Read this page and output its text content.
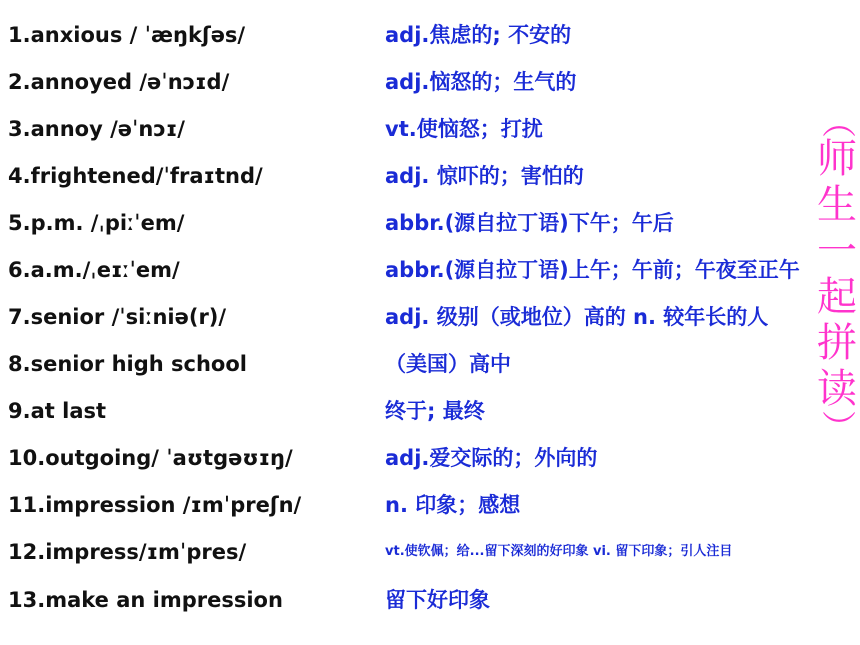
1.anxious / ˈæŋkʃəs/	adj.焦虑的; 不安的
2.annoyed /əˈnɔɪd/	adj.恼怒的；生气的
3.annoy /əˈnɔɪ/	vt.使恼怒；打扰
4.frightened/ˈfraɪtnd/	adj. 惊吓的；害怕的
5.p.m. /ˌpiːˈem/	abbr.(源自拉丁语)下午；午后
6.a.m./ˌeɪːˈem/	abbr.(源自拉丁语)上午；午前；午夜至正午
7.senior /ˈsiːniə(r)/	adj. 级别（或地位）高的 n. 较年长的人
8.senior high school	（美国）高中
9.at last	终于; 最终
10.outgoing/ ˈaʊtgəʊɪŋ/	adj.爱交际的；外向的
11.impression /ɪmˈpreʃn/	n. 印象；感想
12.impress/ɪmˈpres/	vt.使钦佩；给...留下深刻的好印象 vi. 留下印象；引人注目
13.make an impression	留下好印象
（
师
生
一
起
拼
读
）
